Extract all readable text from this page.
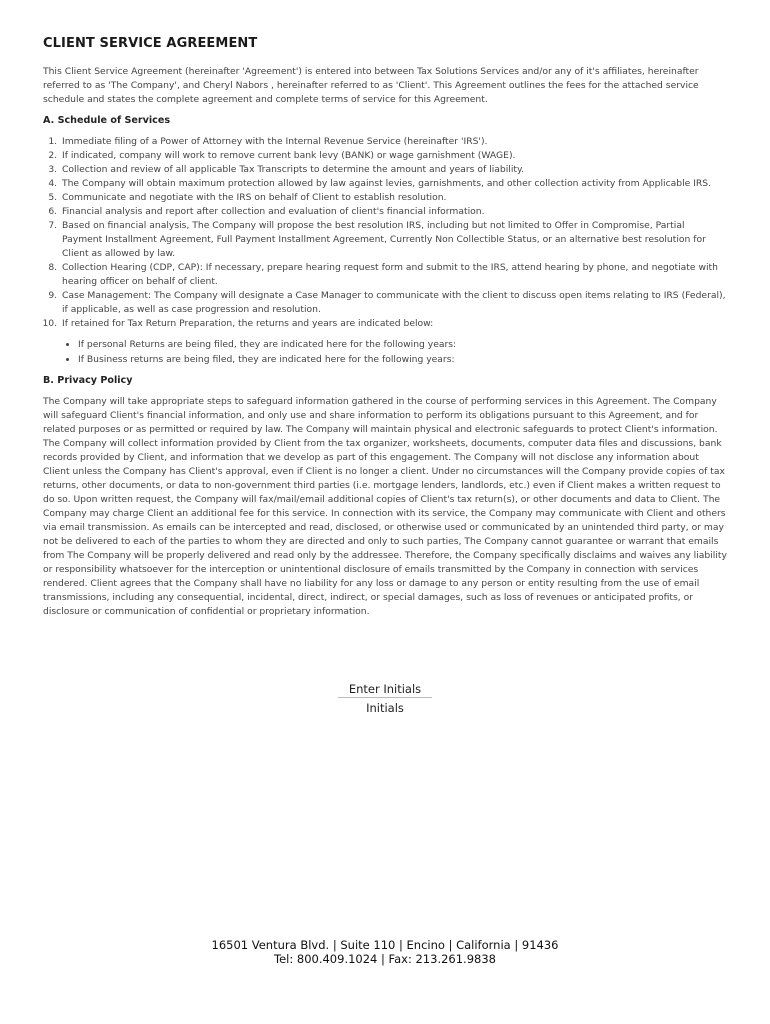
CLIENT SERVICE AGREEMENT

This Client Service Agreement (hereinafter 'Agreement') is entered into between Tax Solutions Services and/or any of it's affiliates, hereinafter referred to as 'The Company', and Cheryl Nabors , hereinafter referred to as 'Client'. This Agreement outlines the fees for the attached service schedule and states the complete agreement and complete terms of service for this Agreement.

A. Schedule of Services
1. Immediate filing of a Power of Attorney with the Internal Revenue Service (hereinafter 'IRS').
2. If indicated, company will work to remove current bank levy (BANK) or wage garnishment (WAGE).
3. Collection and review of all applicable Tax Transcripts to determine the amount and years of liability.
4. The Company will obtain maximum protection allowed by law against levies, garnishments, and other collection activity from Applicable IRS.
5. Communicate and negotiate with the IRS on behalf of Client to establish resolution.
6. Financial analysis and report after collection and evaluation of client's financial information.
7. Based on financial analysis, The Company will propose the best resolution IRS, including but not limited to Offer in Compromise, Partial Payment Installment Agreement, Full Payment Installment Agreement, Currently Non Collectible Status, or an alternative best resolution for Client as allowed by law.
8. Collection Hearing (CDP, CAP): If necessary, prepare hearing request form and submit to the IRS, attend hearing by phone, and negotiate with hearing officer on behalf of client.
9. Case Management: The Company will designate a Case Manager to communicate with the client to discuss open items relating to IRS (Federal), if applicable, as well as case progression and resolution.
10. If retained for Tax Return Preparation, the returns and years are indicated below:
• If personal Returns are being filed, they are indicated here for the following years:
• If Business returns are being filed, they are indicated here for the following years:
B. Privacy Policy

The Company will take appropriate steps to safeguard information gathered in the course of performing services in this Agreement. The Company will safeguard Client's financial information, and only use and share information to perform its obligations pursuant to this Agreement, and for related purposes or as permitted or required by law. The Company will maintain physical and electronic safeguards to protect Client's information. The Company will collect information provided by Client from the tax organizer, worksheets, documents, computer data files and discussions, bank records provided by Client, and information that we develop as part of this engagement. The Company will not disclose any information about Client unless the Company has Client's approval, even if Client is no longer a client. Under no circumstances will the Company provide copies of tax returns, other documents, or data to non-government third parties (i.e. mortgage lenders, landlords, etc.) even if Client makes a written request to do so. Upon written request, the Company will fax/mail/email additional copies of Client's tax return(s), or other documents and data to Client. The Company may charge Client an additional fee for this service. In connection with its service, the Company may communicate with Client and others via email transmission. As emails can be intercepted and read, disclosed, or otherwise used or communicated by an unintended third party, or may not be delivered to each of the parties to whom they are directed and only to such parties, The Company cannot guarantee or warrant that emails from The Company will be properly delivered and read only by the addressee. Therefore, the Company specifically disclaims and waives any liability or responsibility whatsoever for the interception or unintentional disclosure of emails transmitted by the Company in connection with services rendered. Client agrees that the Company shall have no liability for any loss or damage to any person or entity resulting from the use of email transmissions, including any consequential, incidental, direct, indirect, or special damages, such as loss of revenues or anticipated profits, or disclosure or communication of confidential or proprietary information.

Enter Initials
Initials
16501 Ventura Blvd. | Suite 110 | Encino | California | 91436
Tel: 800.409.1024 | Fax: 213.261.9838
